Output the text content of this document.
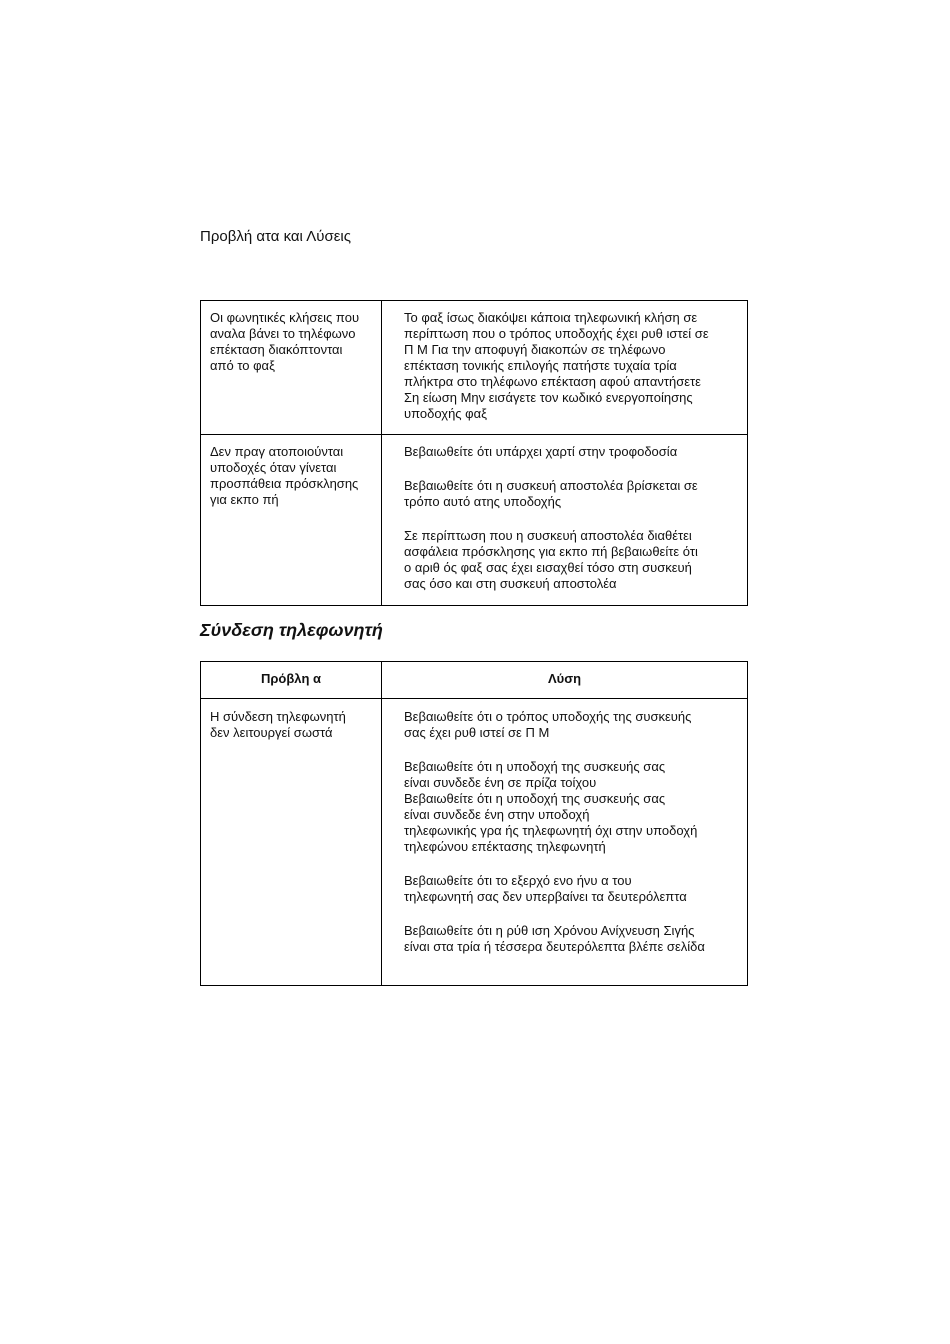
Προβλή ατα και Λύσεις
Οι φωνητικές κλήσεις που
αναλα βάνει το τηλέφωνο
επέκταση διακόπτονται
από το φαξ

Το φαξ ίσως διακόψει κάποια τηλεφωνική κλήση σε
περίπτωση που ο τρόπος υποδοχής έχει ρυθ ιστεί σε
Π Μ Για την αποφυγή διακοπών σε τηλέφωνο
επέκταση τονικής επιλογής πατήστε τυχαία τρία
πλήκτρα στο τηλέφωνο επέκταση αφού απαντήσετε
Ση είωση Μην εισάγετε τον κωδικό ενεργοποίησης
υποδοχής φαξ

Δεν πραγ ατοποιούνται
υποδοχές όταν γίνεται
προσπάθεια πρόσκλησης
για εκπο πή

Βεβαιωθείτε ότι υπάρχει χαρτί στην τροφοδοσία

Βεβαιωθείτε ότι η συσκευή αποστολέα βρίσκεται σε
τρόπο αυτό ατης υποδοχής

Σε περίπτωση που η συσκευή αποστολέα διαθέτει
ασφάλεια πρόσκλησης για εκπο πή βεβαιωθείτε ότι
ο αριθ ός φαξ σας έχει εισαχθεί τόσο στη συσκευή
σας όσο και στη συσκευή αποστολέα

Σύνδεση τηλεφωνητή
Πρόβλη α	Λύση
Η σύνδεση τηλεφωνητή
δεν λειτουργεί σωστά

Βεβαιωθείτε ότι ο τρόπος υποδοχής της συσκευής
σας έχει ρυθ ιστεί σε Π Μ

Βεβαιωθείτε ότι η υποδοχή της συσκευής σας
είναι συνδεδε ένη σε πρίζα τοίχου
Βεβαιωθείτε ότι η υποδοχή της συσκευής σας
είναι συνδεδε ένη στην υποδοχή
τηλεφωνικής γρα ής τηλεφωνητή όχι στην υποδοχή
τηλεφώνου επέκτασης τηλεφωνητή

Βεβαιωθείτε ότι το εξερχό ενο ήνυ α του
τηλεφωνητή σας δεν υπερβαίνει τα δευτερόλεπτα

Βεβαιωθείτε ότι η ρύθ ιση Χρόνου Ανίχνευση Σιγής
είναι στα τρία ή τέσσερα δευτερόλεπτα βλέπε σελίδα
